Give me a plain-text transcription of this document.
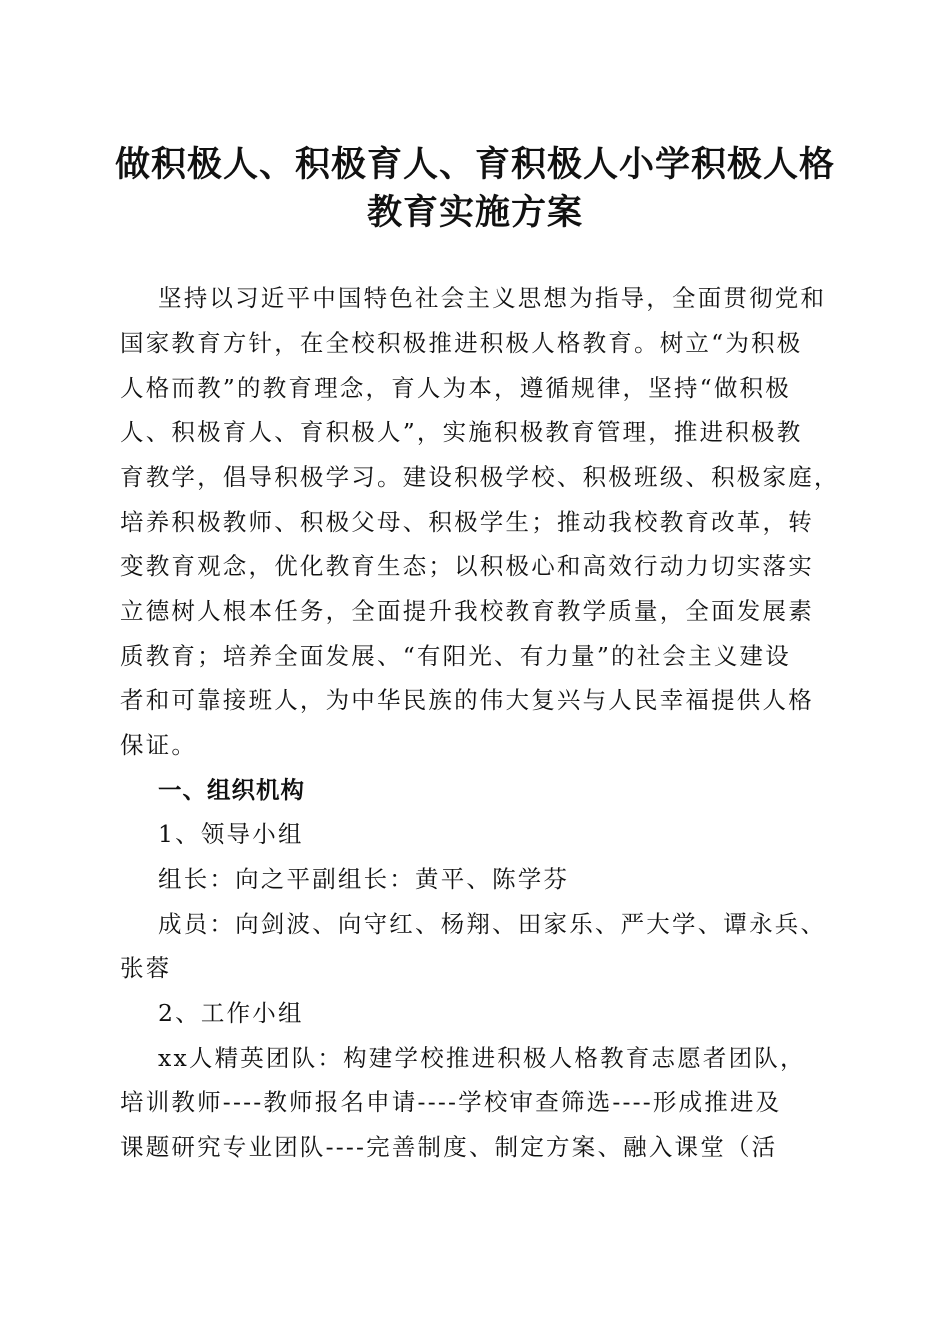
做积极人、积极育人、育积极人小学积极人格
教育实施方案
坚持以习近平中国特色社会主义思想为指导，全面贯彻党和
国家教育方针，在全校积极推进积极人格教育。树立“为积极
人格而教”的教育理念，育人为本，遵循规律，坚持“做积极
人、积极育人、育积极人”，实施积极教育管理，推进积极教
育教学，倡导积极学习。建设积极学校、积极班级、积极家庭，
培养积极教师、积极父母、积极学生；推动我校教育改革，转
变教育观念，优化教育生态；以积极心和高效行动力切实落实
立德树人根本任务，全面提升我校教育教学质量，全面发展素
质教育；培养全面发展、“有阳光、有力量”的社会主义建设
者和可靠接班人，为中华民族的伟大复兴与人民幸福提供人格
保证。
一、组织机构
1、领导小组
组长：向之平副组长：黄平、陈学芬
成员：向剑波、向守红、杨翔、田家乐、严大学、谭永兵、
张蓉
2、工作小组
xx人精英团队：构建学校推进积极人格教育志愿者团队，
培训教师----教师报名申请----学校审查筛选----形成推进及
课题研究专业团队----完善制度、制定方案、融入课堂（活
